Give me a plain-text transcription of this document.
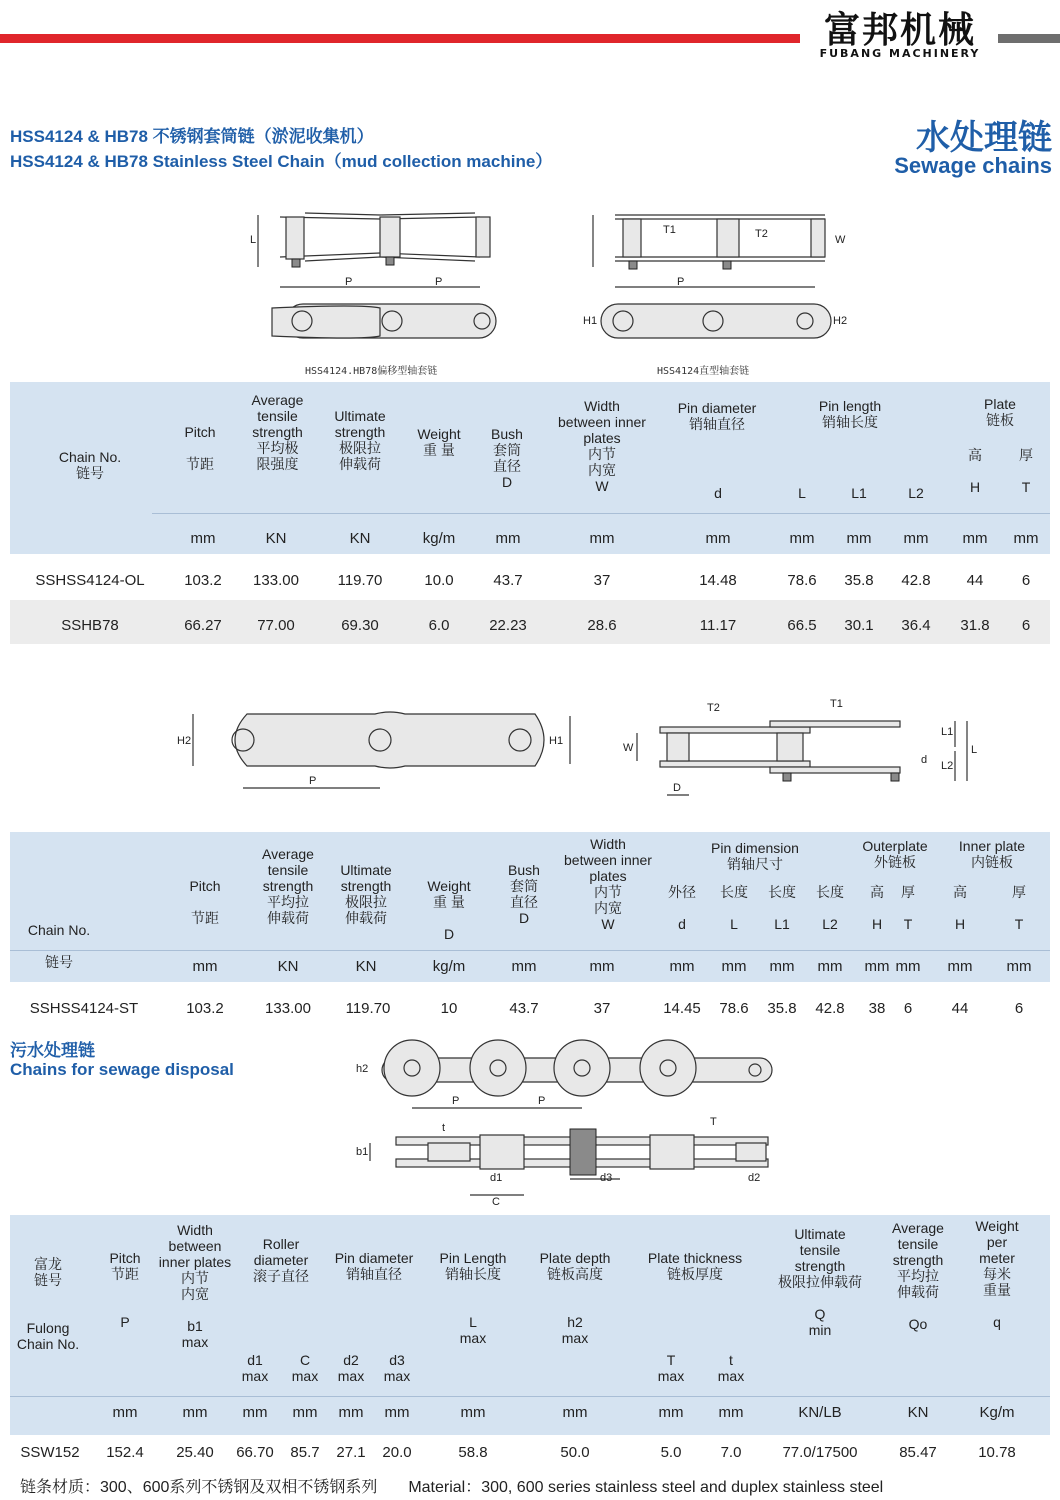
富邦机械
FUBANG MACHINERY
HSS4124 & HB78 不锈钢套筒链（淤泥收集机）
HSS4124 & HB78 Stainless Steel Chain（mud collection machine）
水处理链
Sewage chains
P	P
L
HSS4124.HB78偏移型轴套链
T1	T2	W
P
H1	H2
HSS4124直型轴套链
Chain No.
链号
Pitch

节距
Average
tensile
strength
平均极
限强度
Ultimate
strength
极限拉
伸载荷
Weight
重 量
Bush
套筒
直径
D
Width
between inner
plates
内节
内宽
W
Pin diameter
销轴直径
Pin length
销轴长度
Plate
链板
d	L	L1	L2
高

H
厚

T
mm	KN	KN	kg/m	mm	mm	mm	mm	mm	mm	mm	mm
SSHSS4124-OL	103.2	133.00	119.70	10.0	43.7	37	14.48	78.6	35.8	42.8	44	6
SSHB78	66.27	77.00	69.30	6.0	22.23	28.6	11.17	66.5	30.1	36.4	31.8	6
H2	H1
P
T2	T1
W
D
d
L1
L2
L
Chain No.

链号
Pitch

节距
Average
tensile
strength
平均拉
伸载荷
Ultimate
strength
极限拉
伸载荷
Weight
重 量

D
Bush
套筒
直径
D
Width
between inner
plates
内节
内宽
W
Pin dimension
销轴尺寸
Outerplate
外链板
Inner plate
内链板
外径

d
长度

L
长度

L1
长度

L2
高

H
厚

T
高

H
厚

T
mm	KN	KN	kg/m	mm	mm	mm	mm	mm	mm	mm mm	mm	mm
SSHSS4124-ST	103.2	133.00	119.70	10	43.7	37	14.45	78.6	35.8	42.8	38	6	44	6
污水处理链
Chains for sewage disposal	h2
P	P
b1
t	T
d1	d3	d2
C
富龙
链号

Fulong
Chain No.
Pitch
节距

P
Width
between
inner plates
内节
内宽

b1
max
Roller
diameter
滚子直径
Pin diameter
销轴直径
Pin Length
销轴长度

L
max
Plate depth
链板高度

h2
max
Plate thickness
链板厚度
Ultimate
tensile
strength
极限拉伸载荷

Q
min
Average
tensile
strength
平均拉
伸载荷

Qo
Weight
per
meter
每米
重量

q
d1
max
C
max
d2
max
d3
max
T
max
t
max
mm	mm	mm	mm	mm	mm	mm	mm	mm	mm	KN/LB	KN	Kg/m
SSW152	152.4	25.40	66.70	85.7	27.1	20.0	58.8	50.0	5.0	7.0	77.0/17500	85.47	10.78
链条材质：300、600系列不锈钢及双相不锈钢系列 Material：300, 600 series stainless steel and duplex stainless steel
